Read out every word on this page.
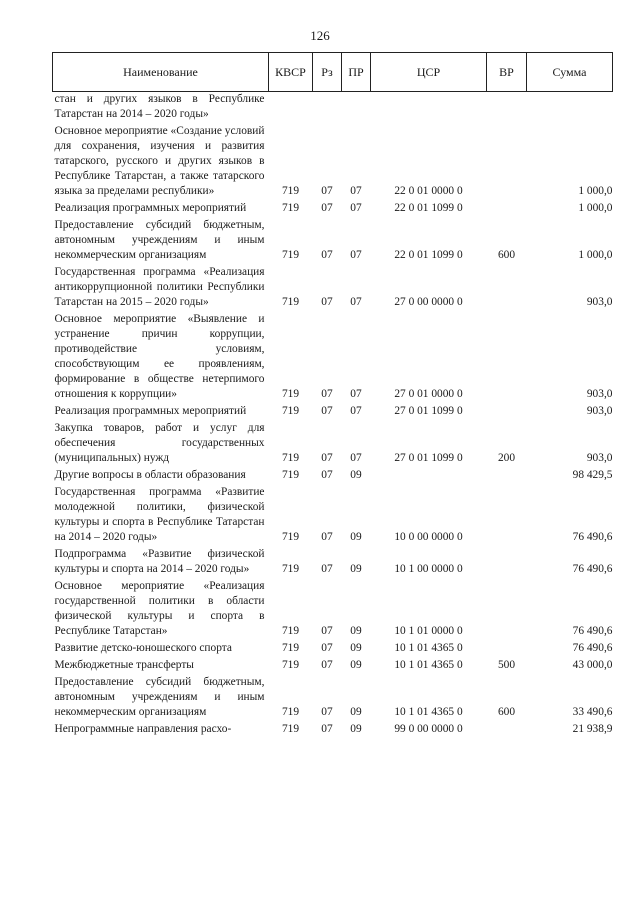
126
Наименование	КВСР	Рз	ПР	ЦСР	ВР	Сумма
стан и других языков в Республике Татарстан на 2014 – 2020 годы»						
Основное мероприятие «Создание условий для сохранения, изучения и развития татарского, русского и других языков в Республике Татарстан, а также татарского языка за пределами республики»	719	07	07	22 0 01 0000 0		1 000,0
Реализация программных мероприятий	719	07	07	22 0 01 1099 0		1 000,0
Предоставление субсидий бюджетным, автономным учреждениям и иным некоммерческим организациям	719	07	07	22 0 01 1099 0	600	1 000,0
Государственная программа «Реализация антикоррупционной политики Республики Татарстан на 2015 – 2020 годы»	719	07	07	27 0 00 0000 0		903,0
Основное мероприятие «Выявление и устранение причин коррупции, противодействие условиям, способствующим ее проявлениям, формирование в обществе нетерпимого отношения к коррупции»	719	07	07	27 0 01 0000 0		903,0
Реализация программных мероприятий	719	07	07	27 0 01 1099 0		903,0
Закупка товаров, работ и услуг для обеспечения государственных (муниципальных) нужд	719	07	07	27 0 01 1099 0	200	903,0
Другие вопросы в области образования	719	07	09			98 429,5
Государственная программа «Развитие молодежной политики, физической культуры и спорта в Республике Татарстан на 2014 – 2020 годы»	719	07	09	10 0 00 0000 0		76 490,6
Подпрограмма «Развитие физической культуры и спорта на 2014 – 2020 годы»	719	07	09	10 1 00 0000 0		76 490,6
Основное мероприятие «Реализация государственной политики в области физической культуры и спорта в Республике Татарстан»	719	07	09	10 1 01 0000 0		76 490,6
Развитие детско-юношеского спорта	719	07	09	10 1 01 4365 0		76 490,6
Межбюджетные трансферты	719	07	09	10 1 01 4365 0	500	43 000,0
Предоставление субсидий бюджетным, автономным учреждениям и иным некоммерческим организациям	719	07	09	10 1 01 4365 0	600	33 490,6
Непрограммные направления расхо-	719	07	09	99 0 00 0000 0		21 938,9
